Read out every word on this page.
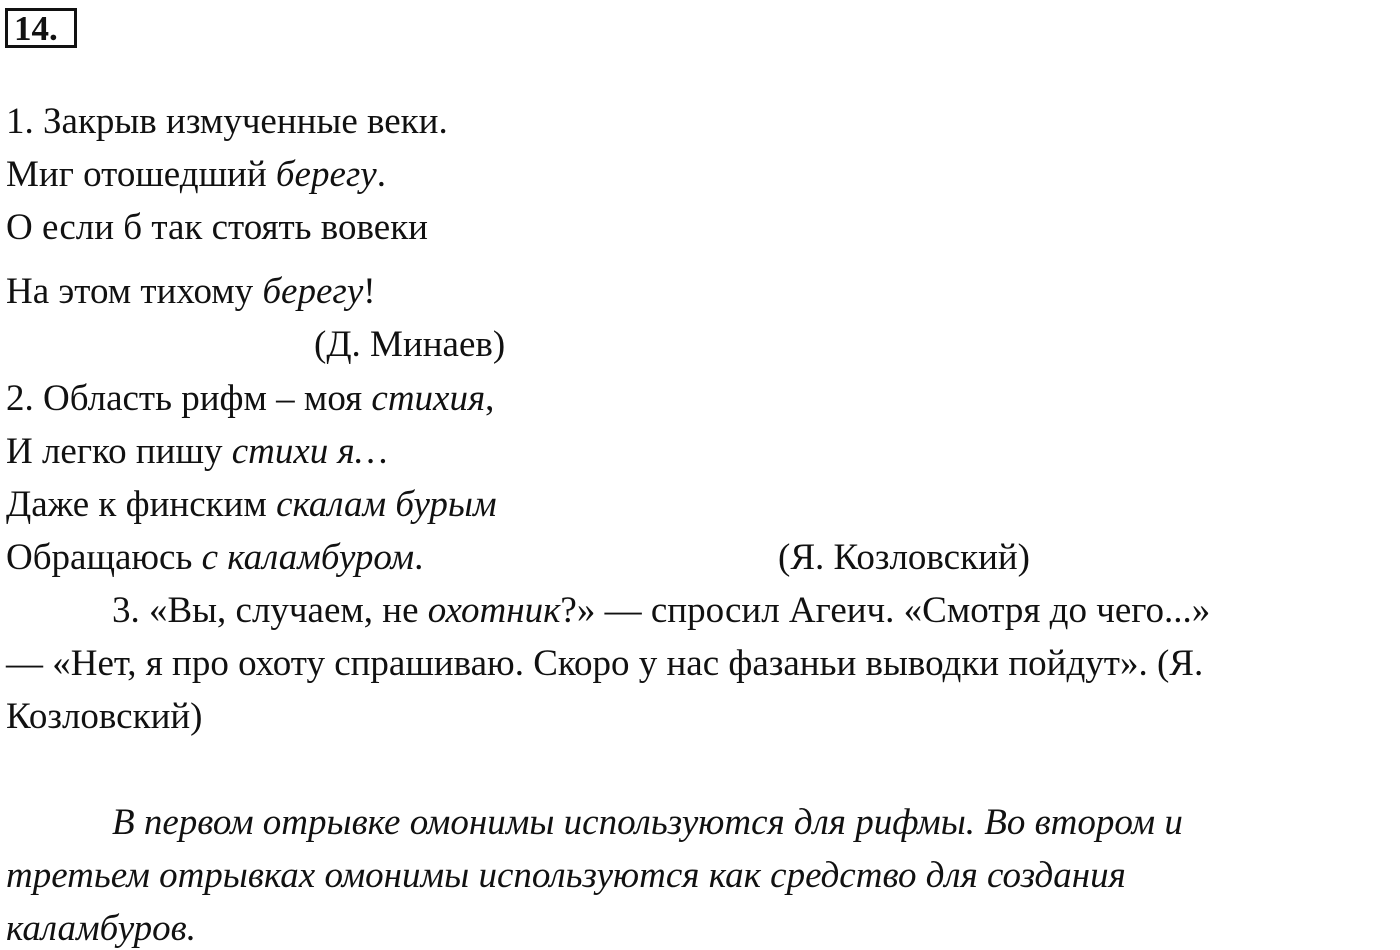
14.
1. Закрыв измученные веки.
Миг отошедший берегу.
О если б так стоять вовеки
На этом тихому берегу!
(Д. Минаев)
2. Область рифм – моя стихия,
И легко пишу стихи я…
Даже к финским скалам бурым
Обращаюсь с каламбуром.	(Я. Козловский)
3. «Вы, случаем, не охотник?» — спросил Агеич. «Смотря до чего...»
— «Нет, я про охоту спрашиваю. Скоро у нас фазаньи выводки пойдут». (Я.
Козловский)
В первом отрывке омонимы используются для рифмы. Во втором и
третьем отрывках омонимы используются как средство для создания
каламбуров.
